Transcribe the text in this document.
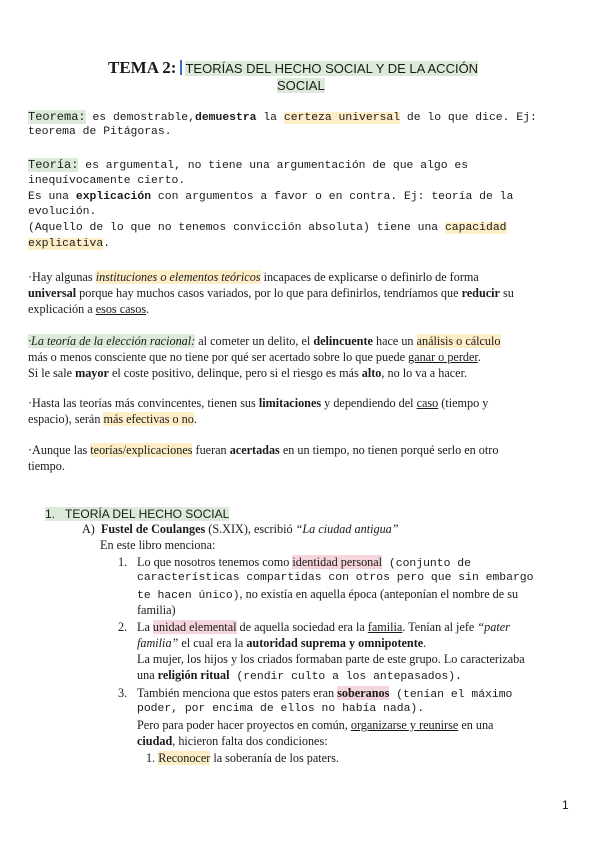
TEMA 2: TEORÍAS DEL HECHO SOCIAL Y DE LA ACCIÓN
SOCIAL
Teorema: es demostrable,demuestra la certeza universal de lo que dice. Ej:
teorema de Pitágoras.
Teoría: es argumental, no tiene una argumentación de que algo es
inequívocamente cierto.
Es una explicación con argumentos a favor o en contra. Ej: teoría de la
evolución.
(Aquello de lo que no tenemos convicción absoluta) tiene una capacidad
explicativa.
·Hay algunas instituciones o elementos teóricos incapaces de explicarse o definirlo de forma
universal porque hay muchos casos variados, por lo que para definirlos, tendríamos que reducir su
explicación a esos casos.
·La teoría de la elección racional: al cometer un delito, el delincuente hace un análisis o cálculo
más o menos consciente que no tiene por qué ser acertado sobre lo que puede ganar o perder.
Si le sale mayor el coste positivo, delinque, pero si el riesgo es más alto, no lo va a hacer.
·Hasta las teorías más convincentes, tienen sus limitaciones y dependiendo del caso (tiempo y
espacio), serán más efectivas o no.
·Aunque las teorías/explicaciones fueran acertadas en un tiempo, no tienen porqué serlo en otro
tiempo.
1. TEORÍA DEL HECHO SOCIAL
A) Fustel de Coulanges (S.XIX), escribió “La ciudad antigua”
En este libro menciona:
1. Lo que nosotros tenemos como identidad personal (conjunto de
características compartidas con otros pero que sin embargo
te hacen único), no existía en aquella época (anteponían el nombre de su
familia)
2. La unidad elemental de aquella sociedad era la familia. Tenían al jefe “pater
familia” el cual era la autoridad suprema y omnipotente.
La mujer, los hijos y los criados formaban parte de este grupo. Lo caracterizaba
una religión ritual (rendir culto a los antepasados).
3. También menciona que estos paters eran soberanos (tenían el máximo
poder, por encima de ellos no había nada).
Pero para poder hacer proyectos en común, organizarse y reunirse en una
ciudad, hicieron falta dos condiciones:
1. Reconocer la soberanía de los paters.
1
